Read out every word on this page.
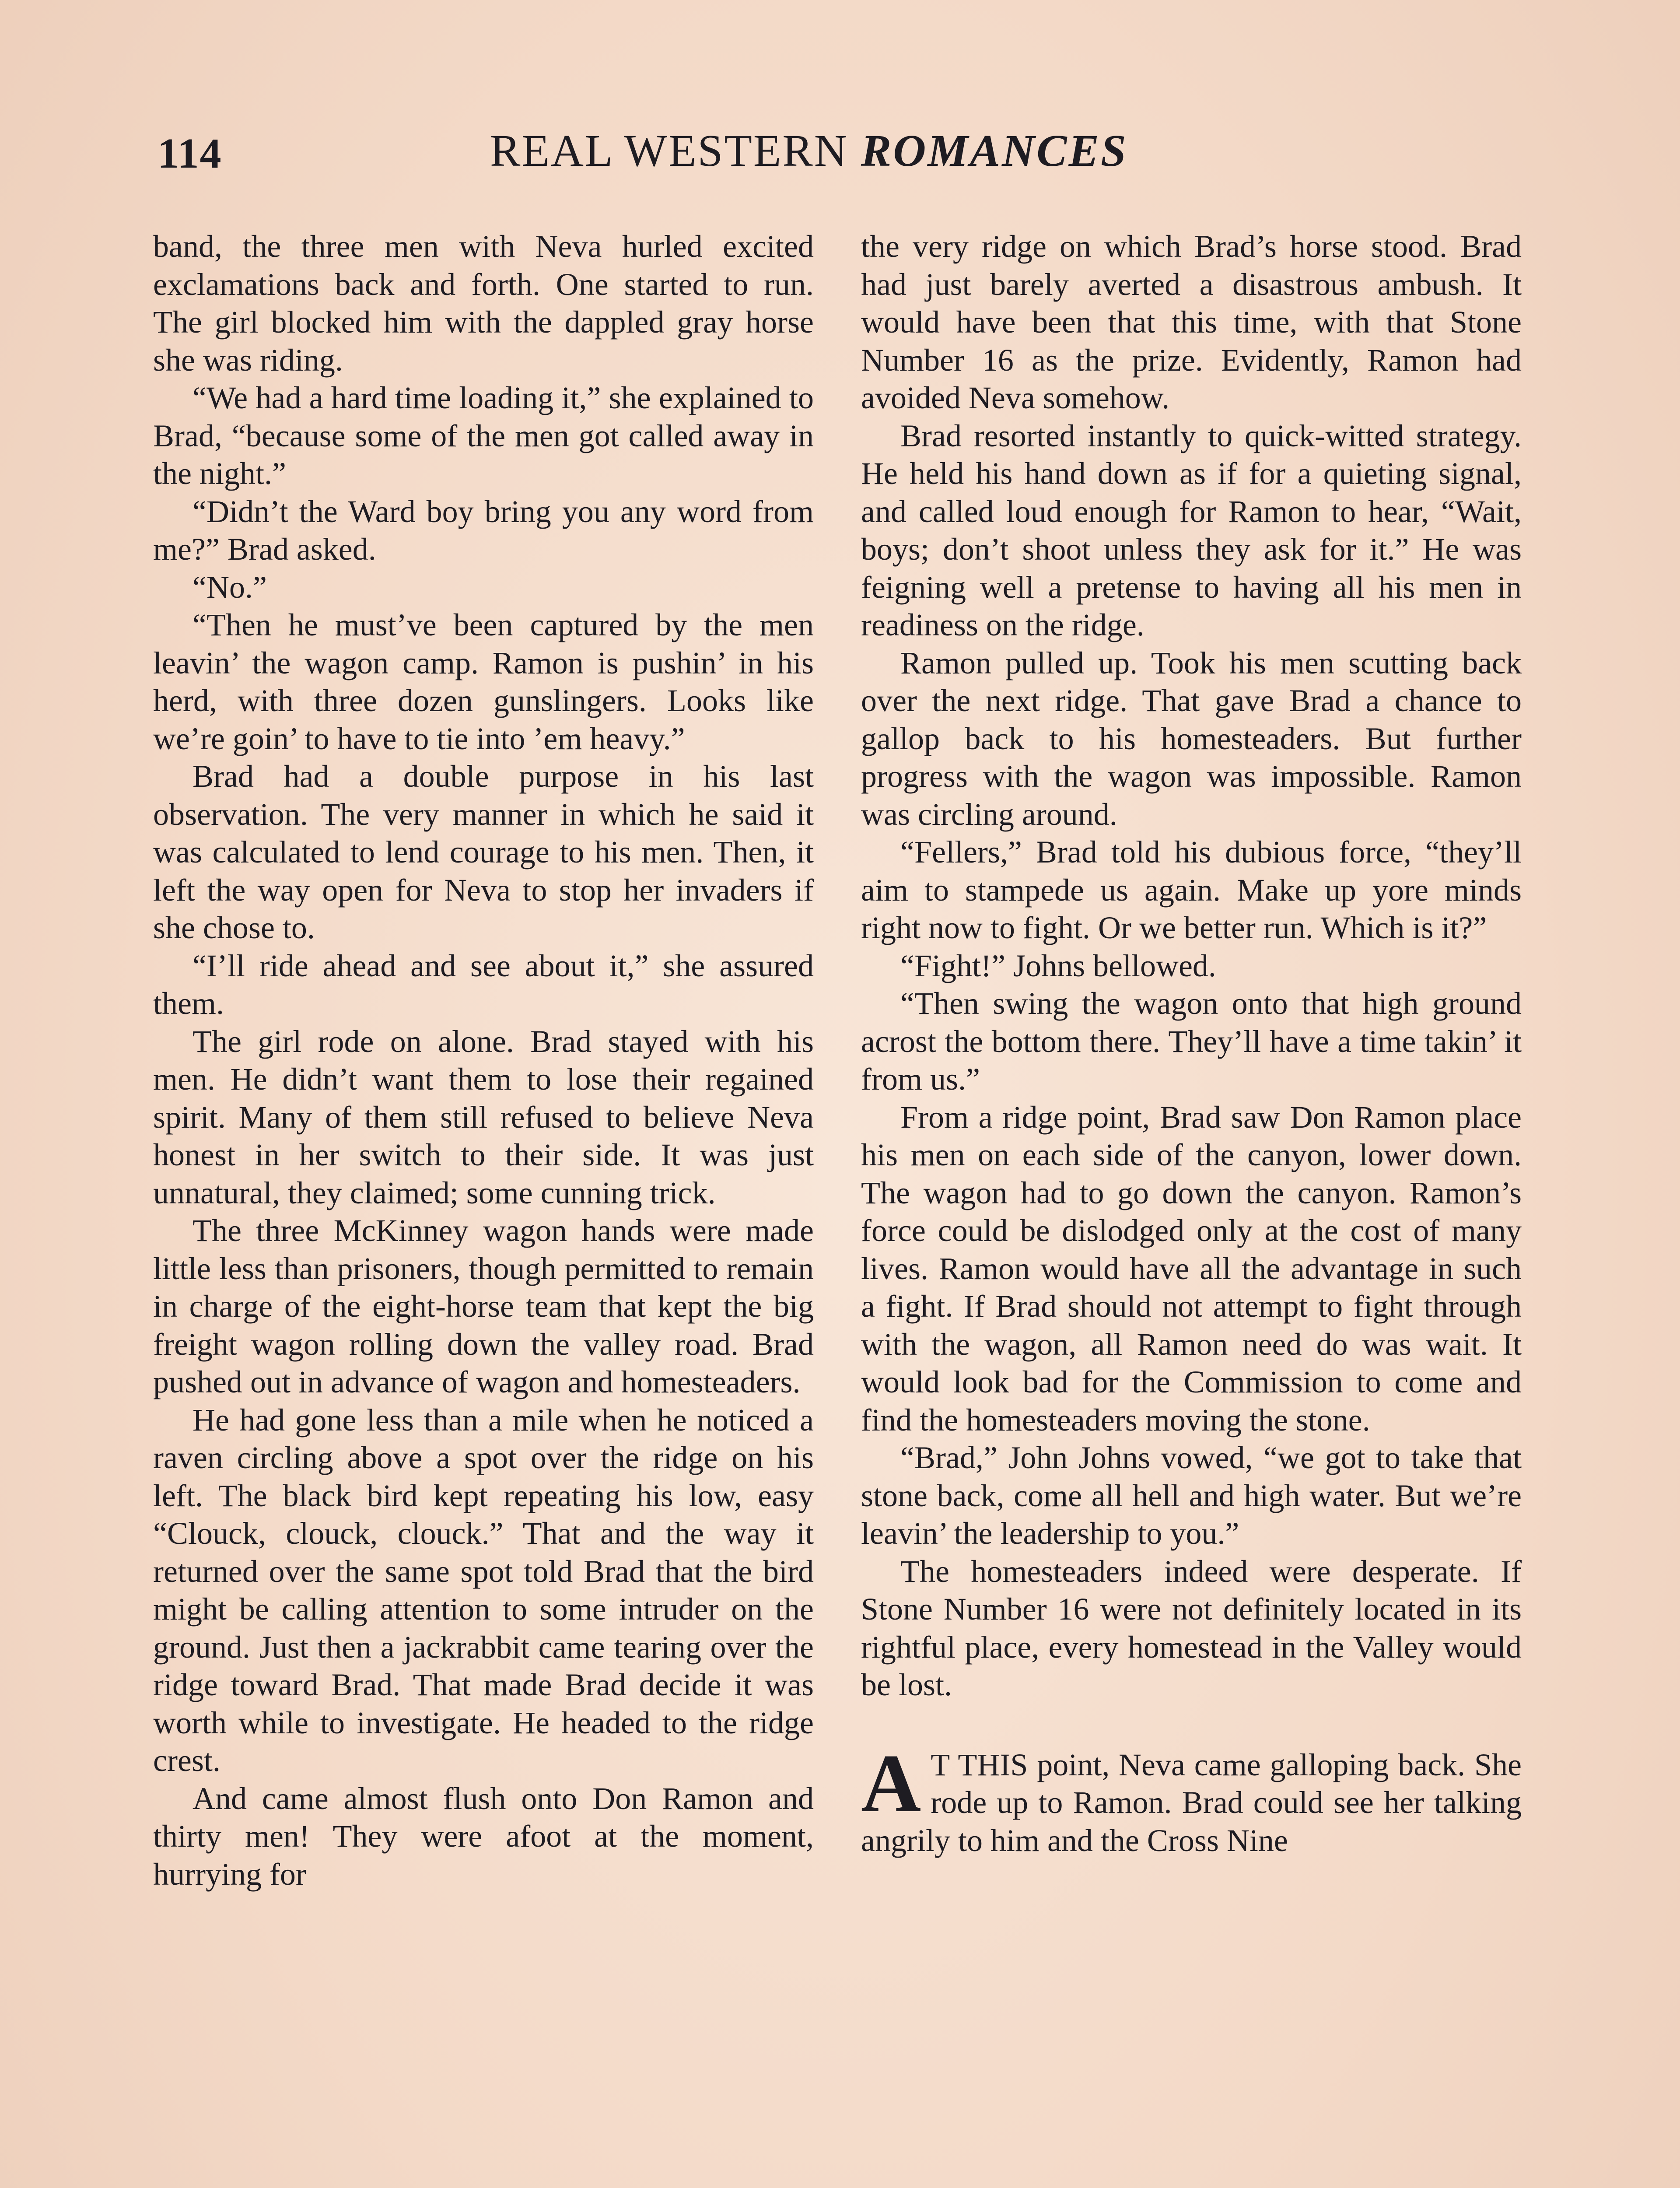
114	REAL WESTERN ROMANCES

band, the three men with Neva hurled excited exclamations back and forth. One started to run. The girl blocked him with the dappled gray horse she was riding.

“We had a hard time loading it,” she explained to Brad, “because some of the men got called away in the night.”

“Didn’t the Ward boy bring you any word from me?” Brad asked.

“No.”

“Then he must’ve been captured by the men leavin’ the wagon camp. Ramon is pushin’ in his herd, with three dozen gunslingers. Looks like we’re goin’ to have to tie into ’em heavy.”

Brad had a double purpose in his last observation. The very manner in which he said it was calculated to lend courage to his men. Then, it left the way open for Neva to stop her invaders if she chose to.

“I’ll ride ahead and see about it,” she assured them.

The girl rode on alone. Brad stayed with his men. He didn’t want them to lose their regained spirit. Many of them still refused to believe Neva honest in her switch to their side. It was just unnatural, they claimed; some cunning trick.

The three McKinney wagon hands were made little less than prisoners, though permitted to remain in charge of the eight-horse team that kept the big freight wagon rolling down the valley road. Brad pushed out in advance of wagon and homesteaders.

He had gone less than a mile when he noticed a raven circling above a spot over the ridge on his left. The black bird kept repeating his low, easy “Clouck, clouck, clouck.” That and the way it returned over the same spot told Brad that the bird might be calling attention to some intruder on the ground. Just then a jackrabbit came tearing over the ridge toward Brad. That made Brad decide it was worth while to investigate. He headed to the ridge crest.

And came almost flush onto Don Ramon and thirty men! They were afoot at the moment, hurrying for

the very ridge on which Brad’s horse stood. Brad had just barely averted a disastrous ambush. It would have been that this time, with that Stone Number 16 as the prize. Evidently, Ramon had avoided Neva somehow.

Brad resorted instantly to quick-witted strategy. He held his hand down as if for a quieting signal, and called loud enough for Ramon to hear, “Wait, boys; don’t shoot unless they ask for it.” He was feigning well a pretense to having all his men in readiness on the ridge.

Ramon pulled up. Took his men scutting back over the next ridge. That gave Brad a chance to gallop back to his homesteaders. But further progress with the wagon was impossible. Ramon was circling around.

“Fellers,” Brad told his dubious force, “they’ll aim to stampede us again. Make up yore minds right now to fight. Or we better run. Which is it?”

“Fight!” Johns bellowed.

“Then swing the wagon onto that high ground acrost the bottom there. They’ll have a time takin’ it from us.”

From a ridge point, Brad saw Don Ramon place his men on each side of the canyon, lower down. The wagon had to go down the canyon. Ramon’s force could be dislodged only at the cost of many lives. Ramon would have all the advantage in such a fight. If Brad should not attempt to fight through with the wagon, all Ramon need do was wait. It would look bad for the Commission to come and find the homesteaders moving the stone.

“Brad,” John Johns vowed, “we got to take that stone back, come all hell and high water. But we’re leavin’ the leadership to you.”

The homesteaders indeed were desperate. If Stone Number 16 were not definitely located in its rightful place, every homestead in the Valley would be lost.

A T THIS point, Neva came galloping back. She rode up to Ramon. Brad could see her talking angrily to him and the Cross Nine
